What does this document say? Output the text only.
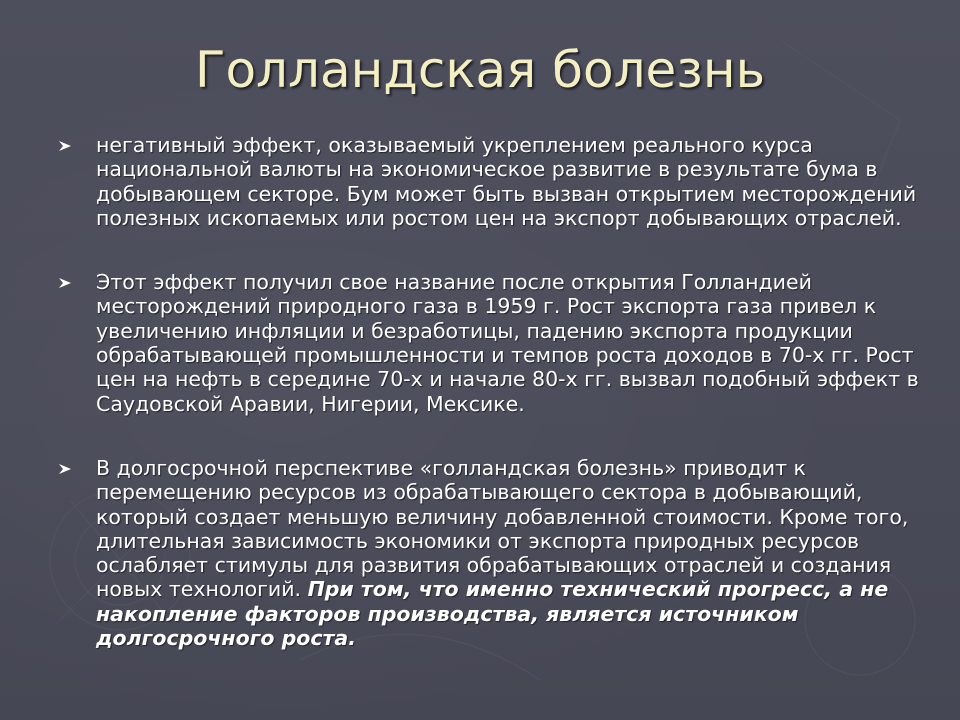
Голландская болезнь
негативный эффект, оказываемый укреплением реального курса национальной валюты на экономическое развитие в результате бума в добывающем секторе. Бум может быть вызван открытием месторождений полезных ископаемых или ростом цен на экспорт добывающих отраслей.
Этот эффект получил свое название после открытия Голландией месторождений природного газа в 1959 г. Рост экспорта газа привел к увеличению инфляции и безработицы, падению экспорта продукции обрабатывающей промышленности и темпов роста доходов в 70-х гг. Рост цен на нефть в середине 70-х и начале 80-х гг. вызвал подобный эффект в Саудовской Аравии, Нигерии, Мексике.
В долгосрочной перспективе «голландская болезнь» приводит к перемещению ресурсов из обрабатывающего сектора в добывающий, который создает меньшую величину добавленной стоимости. Кроме того, длительная зависимость экономики от экспорта природных ресурсов ослабляет стимулы для развития обрабатывающих отраслей и создания новых технологий. При том, что именно технический прогресс, а не накопление факторов производства, является источником долгосрочного роста.
